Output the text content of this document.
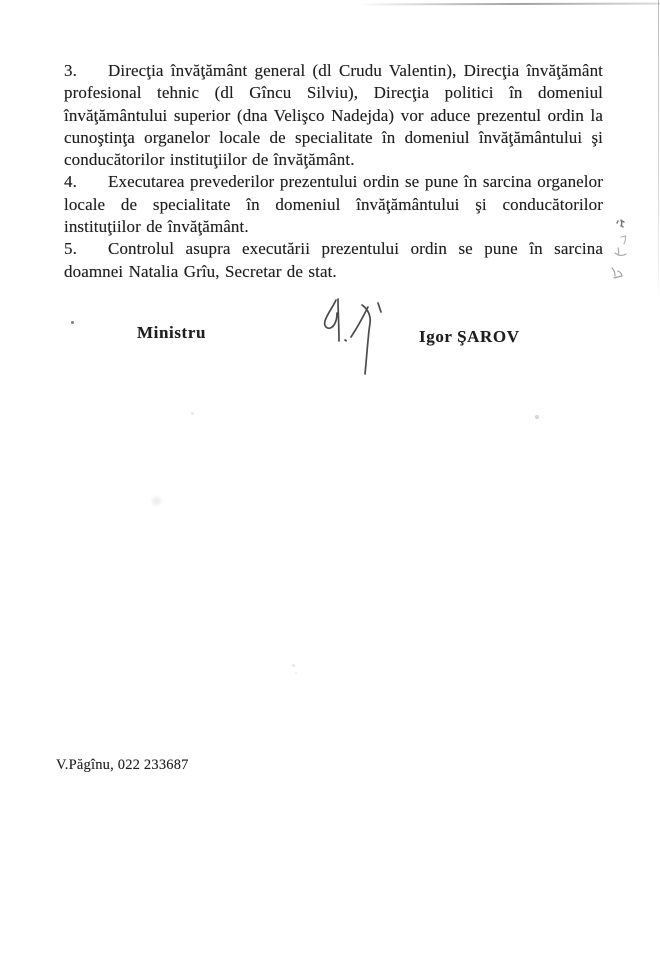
3. Direcţia învăţământ general (dl Crudu Valentin), Direcţia învăţământ profesional tehnic (dl Gîncu Silviu), Direcţia politici în domeniul învăţământului superior (dna Velişco Nadejda) vor aduce prezentul ordin la cunoştinţa organelor locale de specialitate în domeniul învăţământului şi conducătorilor instituţiilor de învăţământ.

4. Executarea prevederilor prezentului ordin se pune în sarcina organelor locale de specialitate în domeniul învăţământului şi conducătorilor instituţiilor de învăţământ.

5. Controlul asupra executării prezentului ordin se pune în sarcina doamnei Natalia Grîu, Secretar de stat.

Ministru	Igor ŞAROV
V.Păgînu, 022 233687
